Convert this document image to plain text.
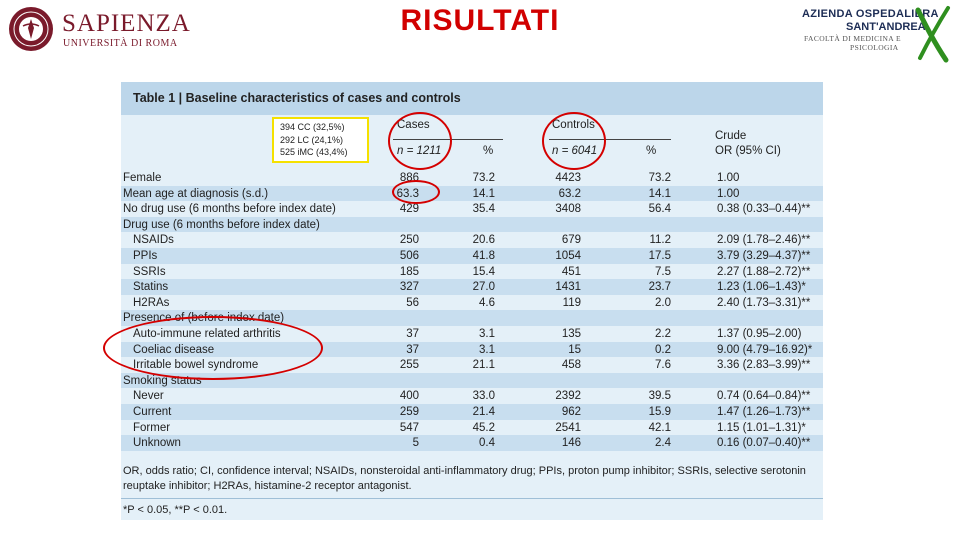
SAPIENZA
UNIVERSITÀ DI ROMA
RISULTATI	AZIENDA OSPEDALIERA
SANT'ANDREA
FACOLTÀ DI MEDICINA E
PSICOLOGIA
Table 1 | Baseline characteristics of cases and controls
Cases	Controls
n = 1211	%	n = 6041	%
Crude
OR (95% CI)
Female	886	73.2	4423	73.2	1.00
Mean age at diagnosis (s.d.)	63.3	14.1	63.2	14.1	1.00
No drug use (6 months before index date)	429	35.4	3408	56.4	0.38 (0.33–0.44)**
Drug use (6 months before index date)
NSAIDs	250	20.6	679	11.2	2.09 (1.78–2.46)**
PPIs	506	41.8	1054	17.5	3.79 (3.29–4.37)**
SSRIs	185	15.4	451	7.5	2.27 (1.88–2.72)**
Statins	327	27.0	1431	23.7	1.23 (1.06–1.43)*
H2RAs	56	4.6	119	2.0	2.40 (1.73–3.31)**
Presence of (before index date)
Auto-immune related arthritis	37	3.1	135	2.2	1.37 (0.95–2.00)
Coeliac disease	37	3.1	15	0.2	9.00 (4.79–16.92)*
Irritable bowel syndrome	255	21.1	458	7.6	3.36 (2.83–3.99)**
Smoking status
Never	400	33.0	2392	39.5	0.74 (0.64–0.84)**
Current	259	21.4	962	15.9	1.47 (1.26–1.73)**
Former	547	45.2	2541	42.1	1.15 (1.01–1.31)*
Unknown	5	0.4	146	2.4	0.16 (0.07–0.40)**
OR, odds ratio; CI, confidence interval; NSAIDs, nonsteroidal anti-inflammatory drug; PPIs, proton pump inhibitor; SSRIs, selective serotonin reuptake inhibitor; H2RAs, histamine-2 receptor antagonist.
*P < 0.05, **P < 0.01.
394 CC (32,5%)
292 LC (24,1%)
525 iMC (43,4%)
